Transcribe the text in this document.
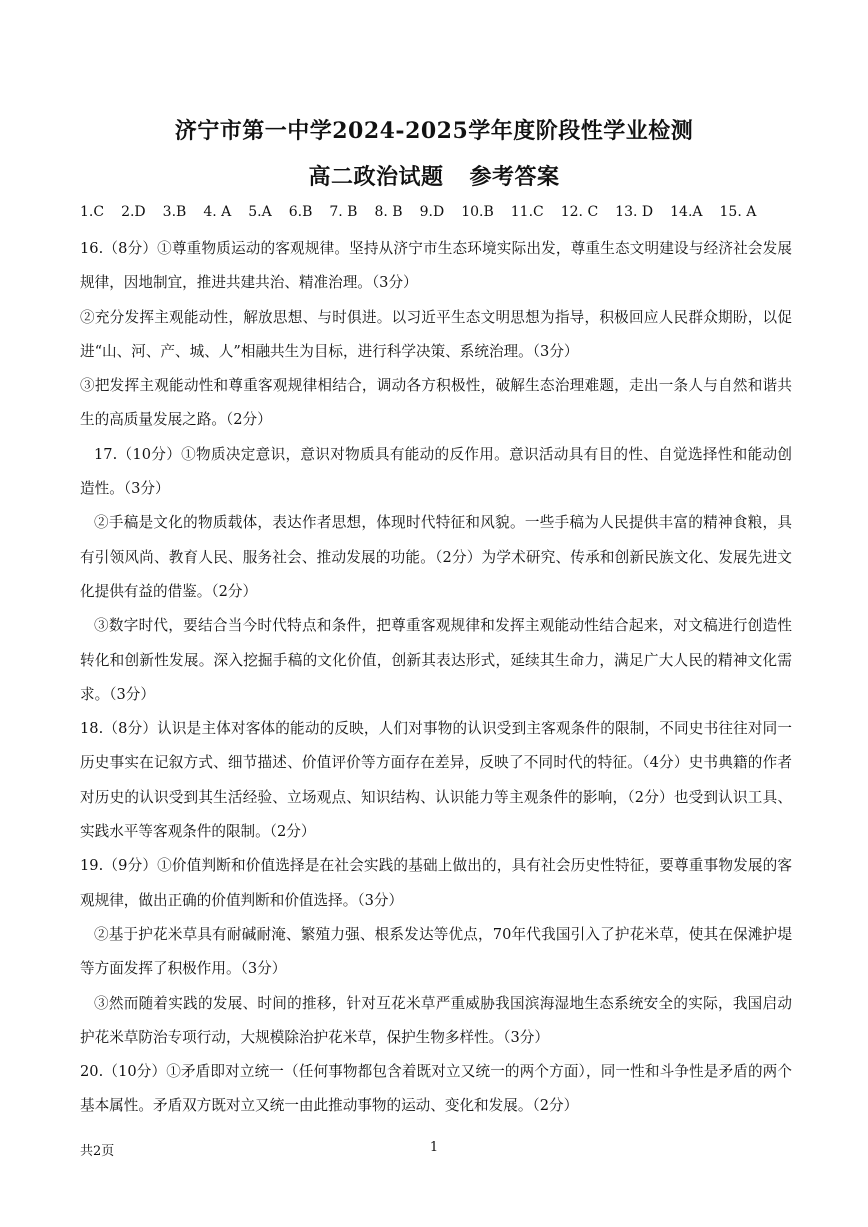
济宁市第一中学2024-2025学年度阶段性学业检测
高二政治试题 参考答案
1.C 2.D 3.B 4. A 5.A 6.B 7. B 8. B 9.D 10.B 11.C 12. C 13. D 14.A 15. A

16.（8分）①尊重物质运动的客观规律。坚持从济宁市生态环境实际出发，尊重生态文明建设与经济社会发展规律，因地制宜，推进共建共治、精准治理。（3分）

②充分发挥主观能动性，解放思想、与时俱进。以习近平生态文明思想为指导，积极回应人民群众期盼，以促进“山、河、产、城、人”相融共生为目标，进行科学决策、系统治理。（3分）

③把发挥主观能动性和尊重客观规律相结合，调动各方积极性，破解生态治理难题，走出一条人与自然和谐共生的高质量发展之路。（2分）

17.（10分）①物质决定意识，意识对物质具有能动的反作用。意识活动具有目的性、自觉选择性和能动创造性。（3分）

②手稿是文化的物质载体，表达作者思想，体现时代特征和风貌。一些手稿为人民提供丰富的精神食粮，具有引领风尚、教育人民、服务社会、推动发展的功能。（2分）为学术研究、传承和创新民族文化、发展先进文化提供有益的借鉴。（2分）

③数字时代，要结合当今时代特点和条件，把尊重客观规律和发挥主观能动性结合起来，对文稿进行创造性转化和创新性发展。深入挖掘手稿的文化价值，创新其表达形式，延续其生命力，满足广大人民的精神文化需求。（3分）

18.（8分）认识是主体对客体的能动的反映，人们对事物的认识受到主客观条件的限制，不同史书往往对同一历史事实在记叙方式、细节描述、价值评价等方面存在差异，反映了不同时代的特征。（4分）史书典籍的作者对历史的认识受到其生活经验、立场观点、知识结构、认识能力等主观条件的影响，（2分）也受到认识工具、实践水平等客观条件的限制。（2分）

19.（9分）①价值判断和价值选择是在社会实践的基础上做出的，具有社会历史性特征，要尊重事物发展的客观规律，做出正确的价值判断和价值选择。（3分）

②基于护花米草具有耐碱耐淹、繁殖力强、根系发达等优点，70年代我国引入了护花米草，使其在保滩护堤等方面发挥了积极作用。（3分）

③然而随着实践的发展、时间的推移，针对互花米草严重威胁我国滨海湿地生态系统安全的实际，我国启动护花米草防治专项行动，大规模除治护花米草，保护生物多样性。（3分）

20.（10分）①矛盾即对立统一（任何事物都包含着既对立又统一的两个方面），同一性和斗争性是矛盾的两个基本属性。矛盾双方既对立又统一由此推动事物的运动、变化和发展。（2分）

共2页	1
